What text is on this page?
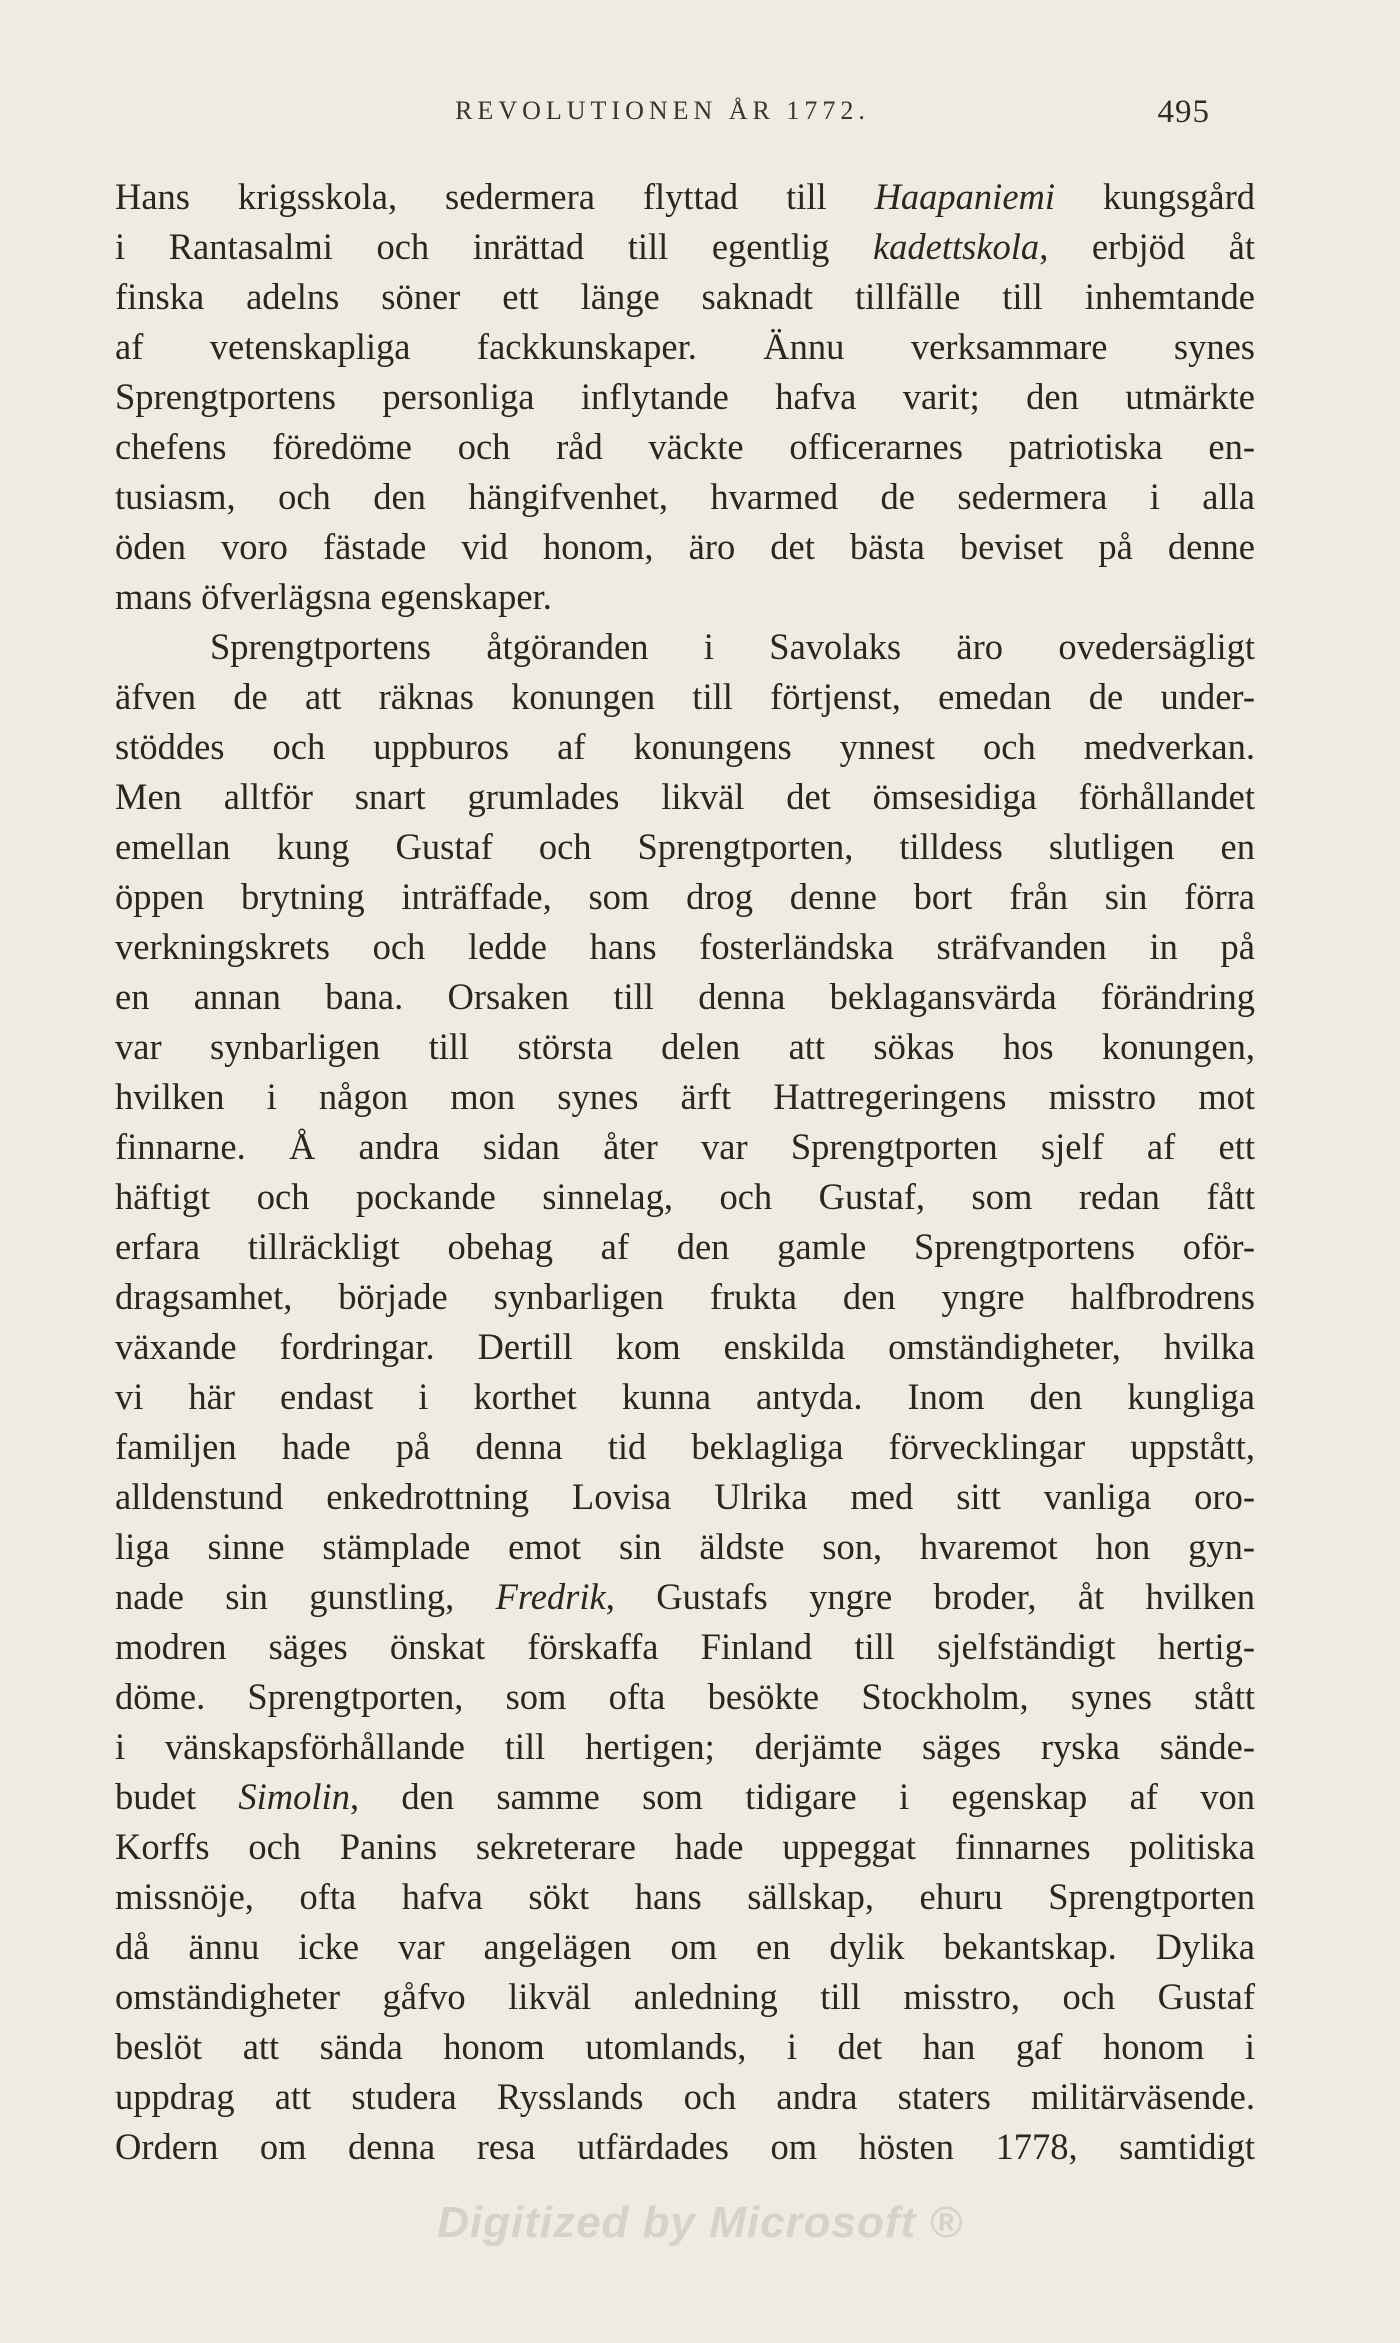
REVOLUTIONEN ÅR 1772.	495
Hans krigsskola, sedermera flyttad till Haapaniemi kungsgård
i Rantasalmi och inrättad till egentlig kadettskola, erbjöd åt
finska adelns söner ett länge saknadt tillfälle till inhemtande
af vetenskapliga fackkunskaper. Ännu verksammare synes
Sprengtportens personliga inflytande hafva varit; den utmärkte
chefens föredöme och råd väckte officerarnes patriotiska en-
tusiasm, och den hängifvenhet, hvarmed de sedermera i alla
öden voro fästade vid honom, äro det bästa beviset på denne
mans öfverlägsna egenskaper.
Sprengtportens åtgöranden i Savolaks äro ovedersägligt
äfven de att räknas konungen till förtjenst, emedan de under-
stöddes och uppburos af konungens ynnest och medverkan.
Men alltför snart grumlades likväl det ömsesidiga förhållandet
emellan kung Gustaf och Sprengtporten, tilldess slutligen en
öppen brytning inträffade, som drog denne bort från sin förra
verkningskrets och ledde hans fosterländska sträfvanden in på
en annan bana. Orsaken till denna beklagansvärda förändring
var synbarligen till största delen att sökas hos konungen,
hvilken i någon mon synes ärft Hattregeringens misstro mot
finnarne. Å andra sidan åter var Sprengtporten sjelf af ett
häftigt och pockande sinnelag, och Gustaf, som redan fått
erfara tillräckligt obehag af den gamle Sprengtportens oför-
dragsamhet, började synbarligen frukta den yngre halfbrodrens
växande fordringar. Dertill kom enskilda omständigheter, hvilka
vi här endast i korthet kunna antyda. Inom den kungliga
familjen hade på denna tid beklagliga förvecklingar uppstått,
alldenstund enkedrottning Lovisa Ulrika med sitt vanliga oro-
liga sinne stämplade emot sin äldste son, hvaremot hon gyn-
nade sin gunstling, Fredrik, Gustafs yngre broder, åt hvilken
modren säges önskat förskaffa Finland till sjelfständigt hertig-
döme. Sprengtporten, som ofta besökte Stockholm, synes stått
i vänskapsförhållande till hertigen; derjämte säges ryska sände-
budet Simolin, den samme som tidigare i egenskap af von
Korffs och Panins sekreterare hade uppeggat finnarnes politiska
missnöje, ofta hafva sökt hans sällskap, ehuru Sprengtporten
då ännu icke var angelägen om en dylik bekantskap. Dylika
omständigheter gåfvo likväl anledning till misstro, och Gustaf
beslöt att sända honom utomlands, i det han gaf honom i
uppdrag att studera Rysslands och andra staters militärväsende.
Ordern om denna resa utfärdades om hösten 1778, samtidigt
Digitized by Microsoft ®
